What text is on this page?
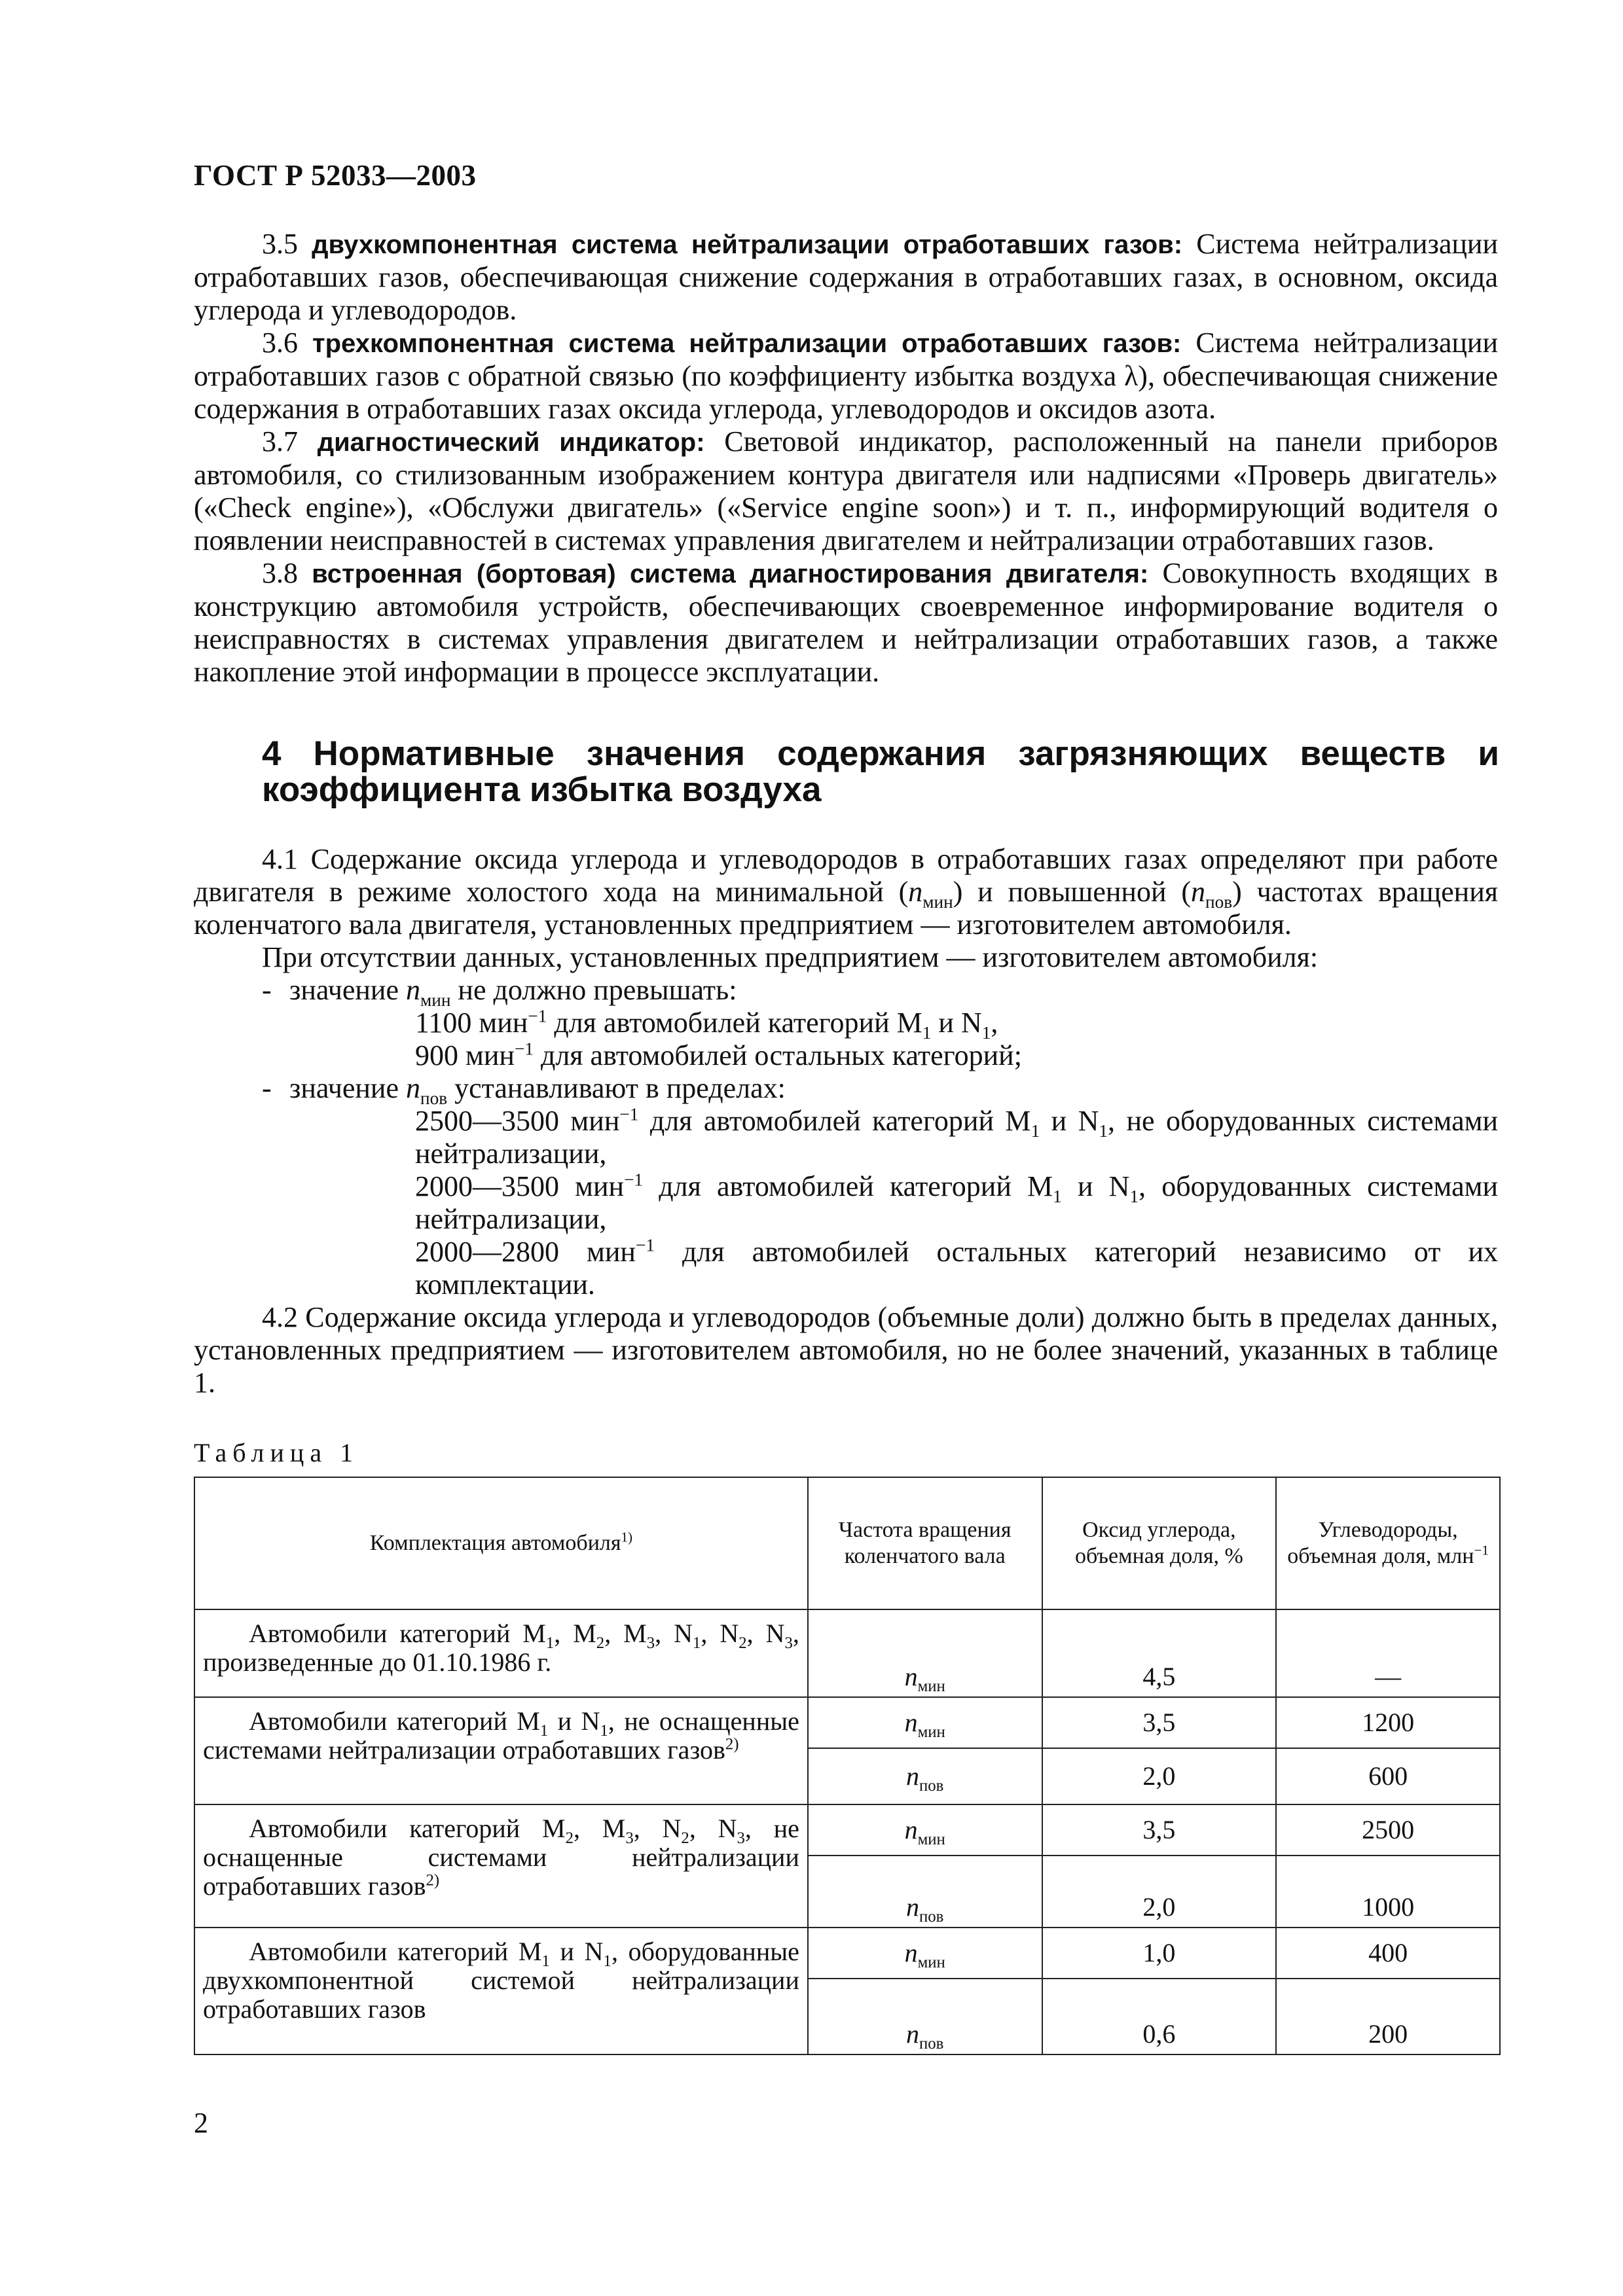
ГОСТ Р 52033—2003

3.5 двухкомпонентная система нейтрализации отработавших газов: Система нейтрализации отработавших газов, обеспечивающая снижение содержания в отработавших газах, в основном, оксида углерода и углеводородов.

3.6 трехкомпонентная система нейтрализации отработавших газов: Система нейтрализации отработавших газов с обратной связью (по коэффициенту избытка воздуха λ), обеспечивающая снижение содержания в отработавших газах оксида углерода, углеводородов и оксидов азота.

3.7 диагностический индикатор: Световой индикатор, расположенный на панели приборов автомобиля, со стилизованным изображением контура двигателя или надписями «Проверь двигатель» («Check engine»), «Обслужи двигатель» («Service engine soon») и т. п., информирующий водителя о появлении неисправностей в системах управления двигателем и нейтрализации отработавших газов.

3.8 встроенная (бортовая) система диагностирования двигателя: Совокупность входящих в конструкцию автомобиля устройств, обеспечивающих своевременное информирование водителя о неисправностях в системах управления двигателем и нейтрализации отработавших газов, а также накопление этой информации в процессе эксплуатации.

4 Нормативные значения содержания загрязняющих веществ и коэффициента избытка воздуха

4.1 Содержание оксида углерода и углеводородов в отработавших газах определяют при работе двигателя в режиме холостого хода на минимальной $(n_{мин})$ и повышенной $(n_{пов})$ частотах вращения коленчатого вала двигателя, установленных предприятием — изготовителем автомобиля.

При отсутствии данных, установленных предприятием — изготовителем автомобиля:

- значение $n_{мин}$ не должно превышать:

1100 мин$^{-1}$ для автомобилей категорий $M_1$ и $N_1$,

900 мин$^{-1}$ для автомобилей остальных категорий;

- значение $n_{пов}$ устанавливают в пределах:

2500—3500 мин$^{-1}$ для автомобилей категорий $M_1$ и $N_1$, не оборудованных системами нейтрализации,

2000—3500 мин$^{-1}$ для автомобилей категорий $M_1$ и $N_1$, оборудованных системами нейтрализации,

2000—2800 мин$^{-1}$ для автомобилей остальных категорий независимо от их комплектации.

4.2 Содержание оксида углерода и углеводородов (объемные доли) должно быть в пределах данных, установленных предприятием — изготовителем автомобиля, но не более значений, указанных в таблице 1.

Таблица 1
Комплектация автомобиля$^{1)}$	Частота вращения коленчатого вала	Оксид углерода, объемная доля, %	Углеводороды, объемная доля, млн$^{-1}$
Автомобили категорий $M_1$, $M_2$, $M_3$, $N_1$, $N_2$, $N_3$, произведенные до 01.10.1986 г.	$n_{мин}$	4,5	—
Автомобили категорий $M_1$ и $N_1$, не оснащенные системами нейтрализации отработавших газов$^{2)}$	$n_{мин}$	3,5	1200
	$n_{пов}$	2,0	600
Автомобили категорий $M_2$, $M_3$, $N_2$, $N_3$, не оснащенные системами нейтрализации отработавших газов$^{2)}$	$n_{мин}$	3,5	2500
	$n_{пов}$	2,0	1000
Автомобили категорий $M_1$ и $N_1$, оборудованные двухкомпонентной системой нейтрализации отработавших газов	$n_{мин}$	1,0	400
	$n_{пов}$	0,6	200
2
